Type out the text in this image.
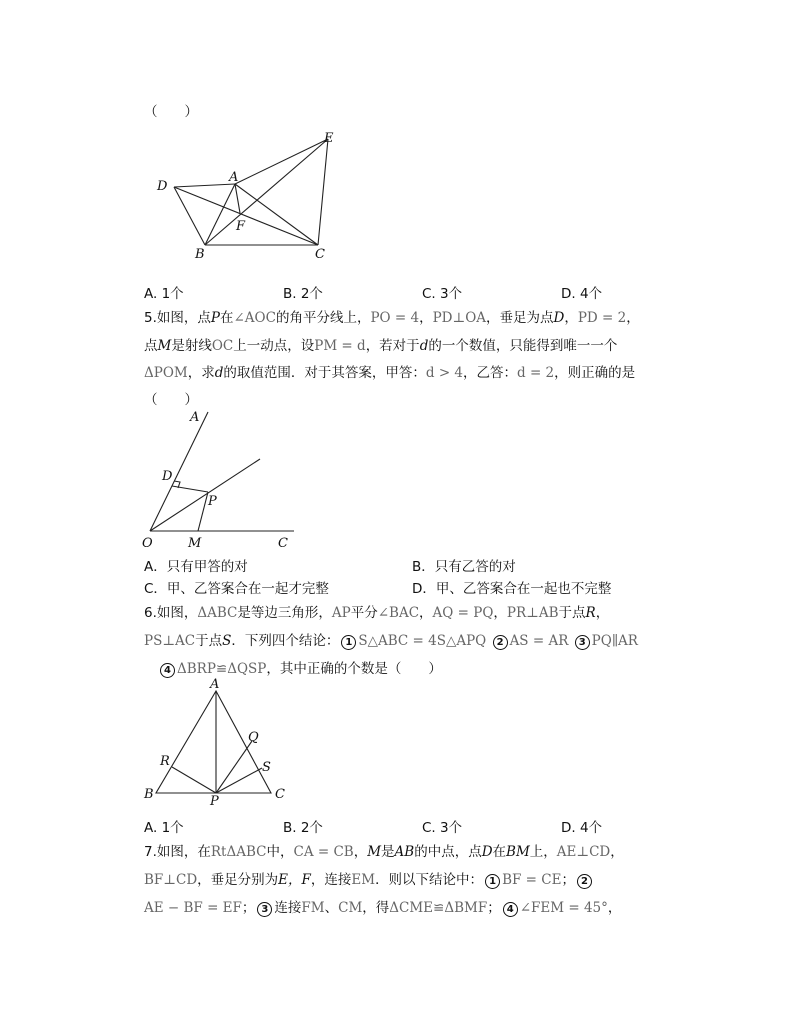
（　　）
E
A
D
F
B	C
A. 1个	B. 2个	C. 3个	D. 4个
5.如图，点P在∠AOC的角平分线上，PO = 4，PD⊥OA，垂足为点D，PD = 2，
点M是射线OC上一动点，设PM = d，若对于d的一个数值，只能得到唯一一个
ΔPOM，求d的取值范围．对于其答案，甲答：d > 4，乙答：d = 2，则正确的是
（　　）
A
D
P
O	M	C
A．只有甲答的对	B．只有乙答的对
C．甲、乙答案合在一起才完整	D．甲、乙答案合在一起也不完整
6.如图，ΔABC是等边三角形，AP平分∠BAC，AQ = PQ，PR⊥AB于点R，
PS⊥AC于点S．下列四个结论： 1 S△ABC = 4S△APQ 2 AS = AR 3 PQ∥AR
4 ΔBRP≌ΔQSP，其中正确的个数是（　　）
A
Q
R	S
B	P	C
A. 1个	B. 2个	C. 3个	D. 4个
7.如图，在RtΔABC中，CA = CB，M是AB的中点，点D在BM上，AE⊥CD，
BF⊥CD，垂足分别为E，F，连接EM．则以下结论中： 1 BF = CE； 2
AE − BF = EF； 3 连接FM、CM，得ΔCME≌ΔBMF； 4 ∠FEM = 45°，
